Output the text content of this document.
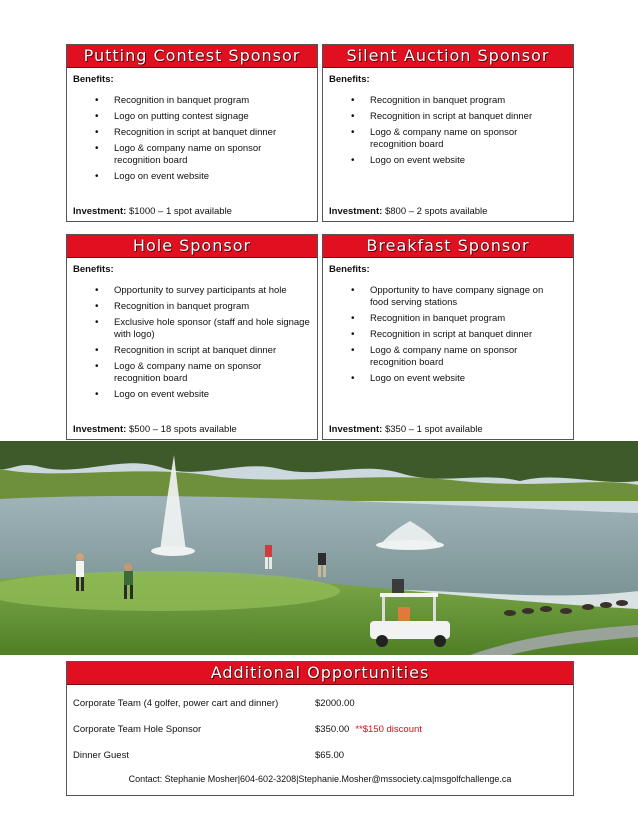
Putting Contest Sponsor
Benefits:
• Recognition in banquet program
• Logo on putting contest signage
• Recognition in script at banquet dinner
• Logo & company name on sponsor recognition board
• Logo on event website
Investment: $1000 – 1 spot available
Silent Auction Sponsor
Benefits:
• Recognition in banquet program
• Recognition in script at banquet dinner
• Logo & company name on sponsor recognition board
• Logo on event website
Investment: $800 – 2 spots available
Hole Sponsor
Benefits:
• Opportunity to survey participants at hole
• Recognition in banquet program
• Exclusive hole sponsor (staff and hole signage with logo)
• Recognition in script at banquet dinner
• Logo & company name on sponsor recognition board
• Logo on event website
Investment: $500 – 18 spots available
Breakfast Sponsor
Benefits:
• Opportunity to have company signage on food serving stations
• Recognition in banquet program
• Recognition in script at banquet dinner
• Logo & company name on sponsor recognition board
• Logo on event website
Investment: $350 – 1 spot available
Additional Opportunities
Corporate Team (4 golfer, power cart and dinner)	$2000.00
Corporate Team Hole Sponsor	$350.00 **$150 discount
Dinner Guest	$65.00
Contact: Stephanie Mosher|604-602-3208|Stephanie.Mosher@mssociety.ca|msgolfchallenge.ca
